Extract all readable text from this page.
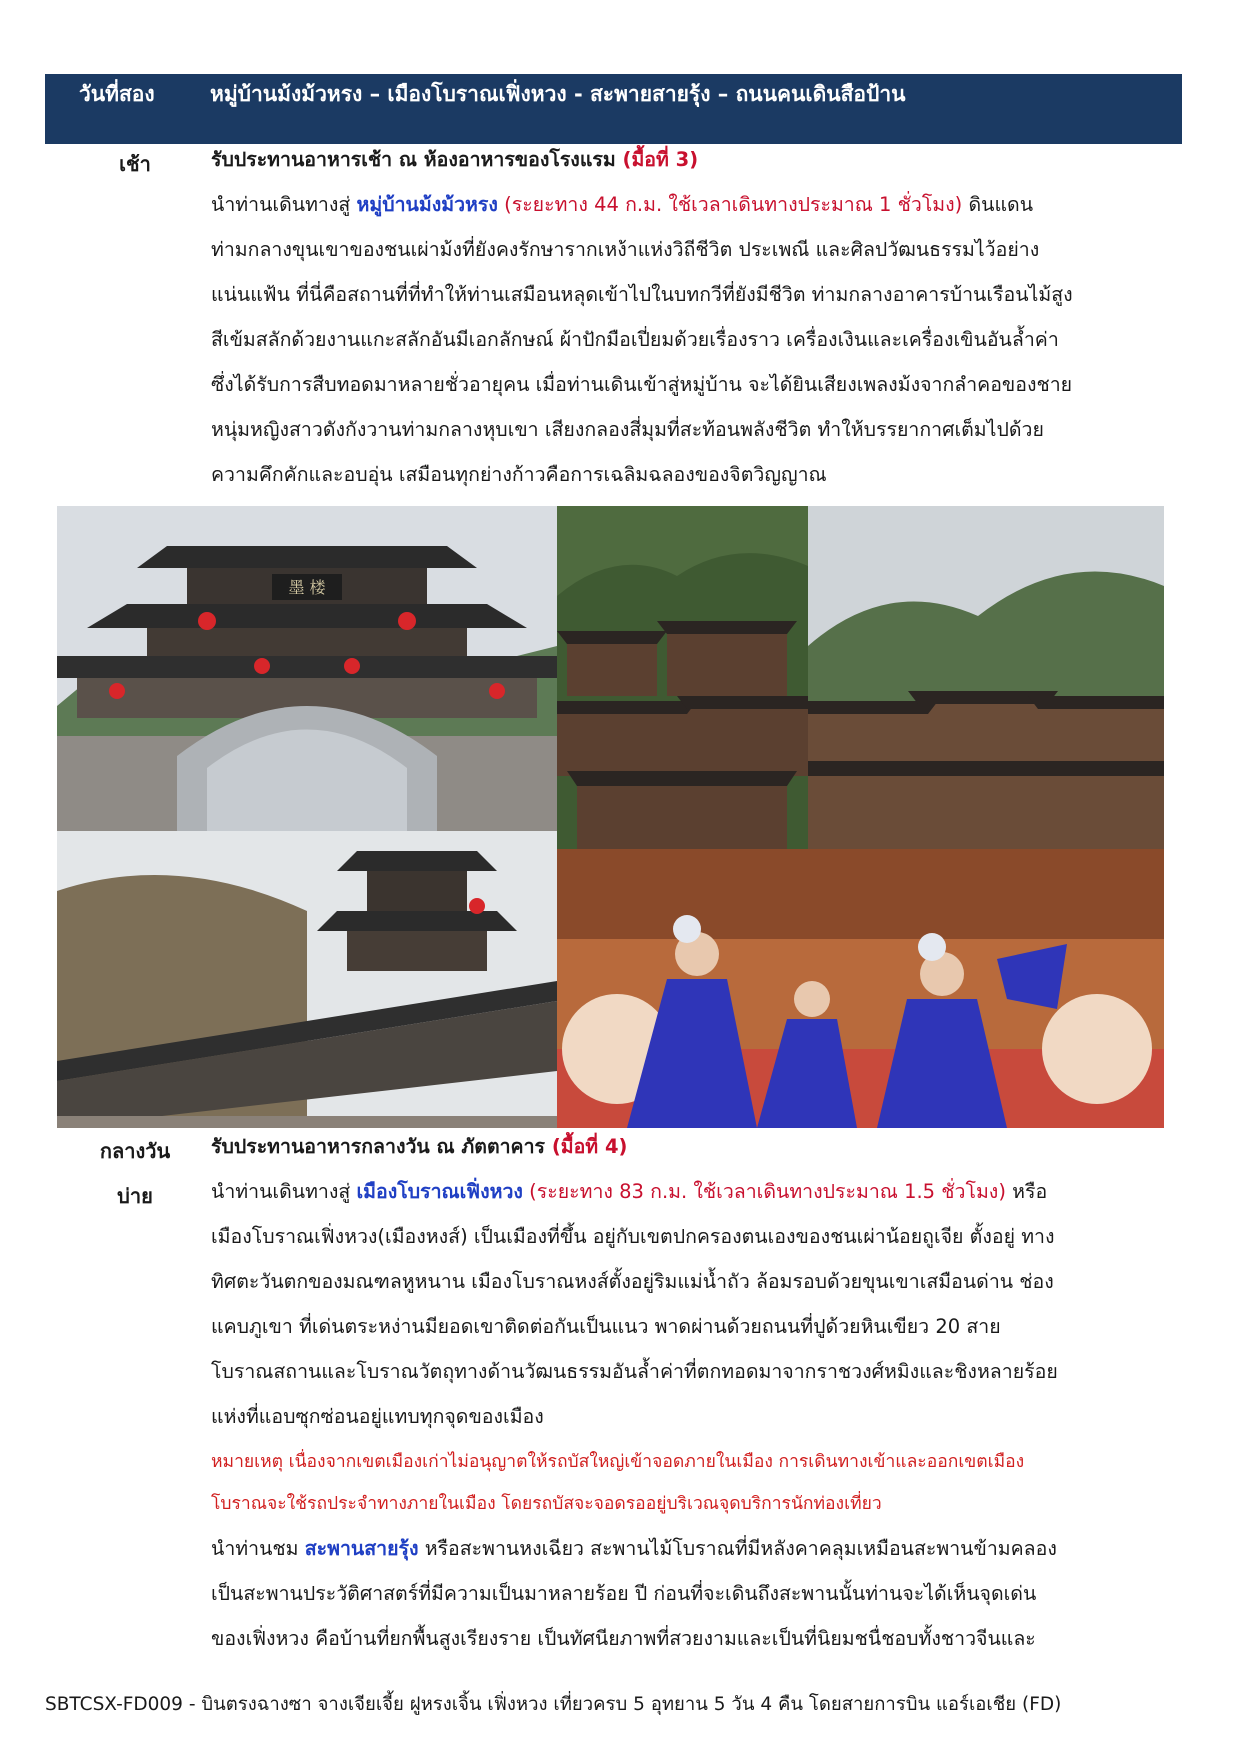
วันที่สอง	หมู่บ้านม้งม้วหรง – เมืองโบราณเฟิ่งหวง - สะพายสายรุ้ง – ถนนคนเดินสือป้าน
เช้า	รับประทานอาหารเช้า ณ ห้องอาหารของโรงแรม (มื้อที่ 3)
นำท่านเดินทางสู่ หมู่บ้านม้งม้วหรง (ระยะทาง 44 ก.ม. ใช้เวลาเดินทางประมาณ 1 ชั่วโมง) ดินแดน
ท่ามกลางขุนเขาของชนเผ่าม้งที่ยังคงรักษารากเหง้าแห่งวิถีชีวิต ประเพณี และศิลปวัฒนธรรมไว้อย่าง
แน่นแฟ้น ที่นี่คือสถานที่ที่ทำให้ท่านเสมือนหลุดเข้าไปในบทกวีที่ยังมีชีวิต ท่ามกลางอาคารบ้านเรือนไม้สูง
สีเข้มสลักด้วยงานแกะสลักอันมีเอกลักษณ์ ผ้าปักมือเปี่ยมด้วยเรื่องราว เครื่องเงินและเครื่องเขินอันล้ำค่า
ซึ่งได้รับการสืบทอดมาหลายชั่วอายุคน เมื่อท่านเดินเข้าสู่หมู่บ้าน จะได้ยินเสียงเพลงม้งจากลำคอของชาย
หนุ่มหญิงสาวดังกังวานท่ามกลางหุบเขา เสียงกลองสี่มุมที่สะท้อนพลังชีวิต ทำให้บรรยากาศเต็มไปด้วย
ความคึกคักและอบอุ่น เสมือนทุกย่างก้าวคือการเฉลิมฉลองของจิตวิญญาณ
墨 楼
กลางวัน	รับประทานอาหารกลางวัน ณ ภัตตาคาร (มื้อที่ 4)
บ่าย	นำท่านเดินทางสู่ เมืองโบราณเฟิ่งหวง (ระยะทาง 83 ก.ม. ใช้เวลาเดินทางประมาณ 1.5 ชั่วโมง) หรือ
เมืองโบราณเฟิ่งหวง(เมืองหงส์) เป็นเมืองที่ขึ้น อยู่กับเขตปกครองตนเองของชนเผ่าน้อยถูเจีย ตั้งอยู่ ทาง
ทิศตะวันตกของมณฑลหูหนาน เมืองโบราณหงส์ตั้งอยู่ริมแม่น้ำถัว ล้อมรอบด้วยขุนเขาเสมือนด่าน ช่อง
แคบภูเขา ที่เด่นตระหง่านมียอดเขาติดต่อกันเป็นแนว พาดผ่านด้วยถนนที่ปูด้วยหินเขียว 20 สาย
โบราณสถานและโบราณวัตถุทางด้านวัฒนธรรมอันล้ำค่าที่ตกทอดมาจากราชวงศ์หมิงและชิงหลายร้อย
แห่งที่แอบซุกซ่อนอยู่แทบทุกจุดของเมือง
หมายเหตุ เนื่องจากเขตเมืองเก่าไม่อนุญาตให้รถบัสใหญ่เข้าจอดภายในเมือง การเดินทางเข้าและออกเขตเมือง
โบราณจะใช้รถประจำทางภายในเมือง โดยรถบัสจะจอดรออยู่บริเวณจุดบริการนักท่องเที่ยว
นำท่านชม สะพานสายรุ้ง หรือสะพานหงเฉียว สะพานไม้โบราณที่มีหลังคาคลุมเหมือนสะพานข้ามคลอง
เป็นสะพานประวัติศาสตร์ที่มีความเป็นมาหลายร้อย ปี ก่อนที่จะเดินถึงสะพานนั้นท่านจะได้เห็นจุดเด่น
ของเฟิ่งหวง คือบ้านที่ยกพื้นสูงเรียงราย เป็นทัศนียภาพที่สวยงามและเป็นที่นิยมชนื่ชอบทั้งชาวจีนและ
SBTCSX-FD009 - บินตรงฉางซา จางเจียเจี้ย ฝูหรงเจิ้น เฟิ่งหวง เที่ยวครบ 5 อุทยาน 5 วัน 4 คืน โดยสายการบิน แอร์เอเชีย (FD)
